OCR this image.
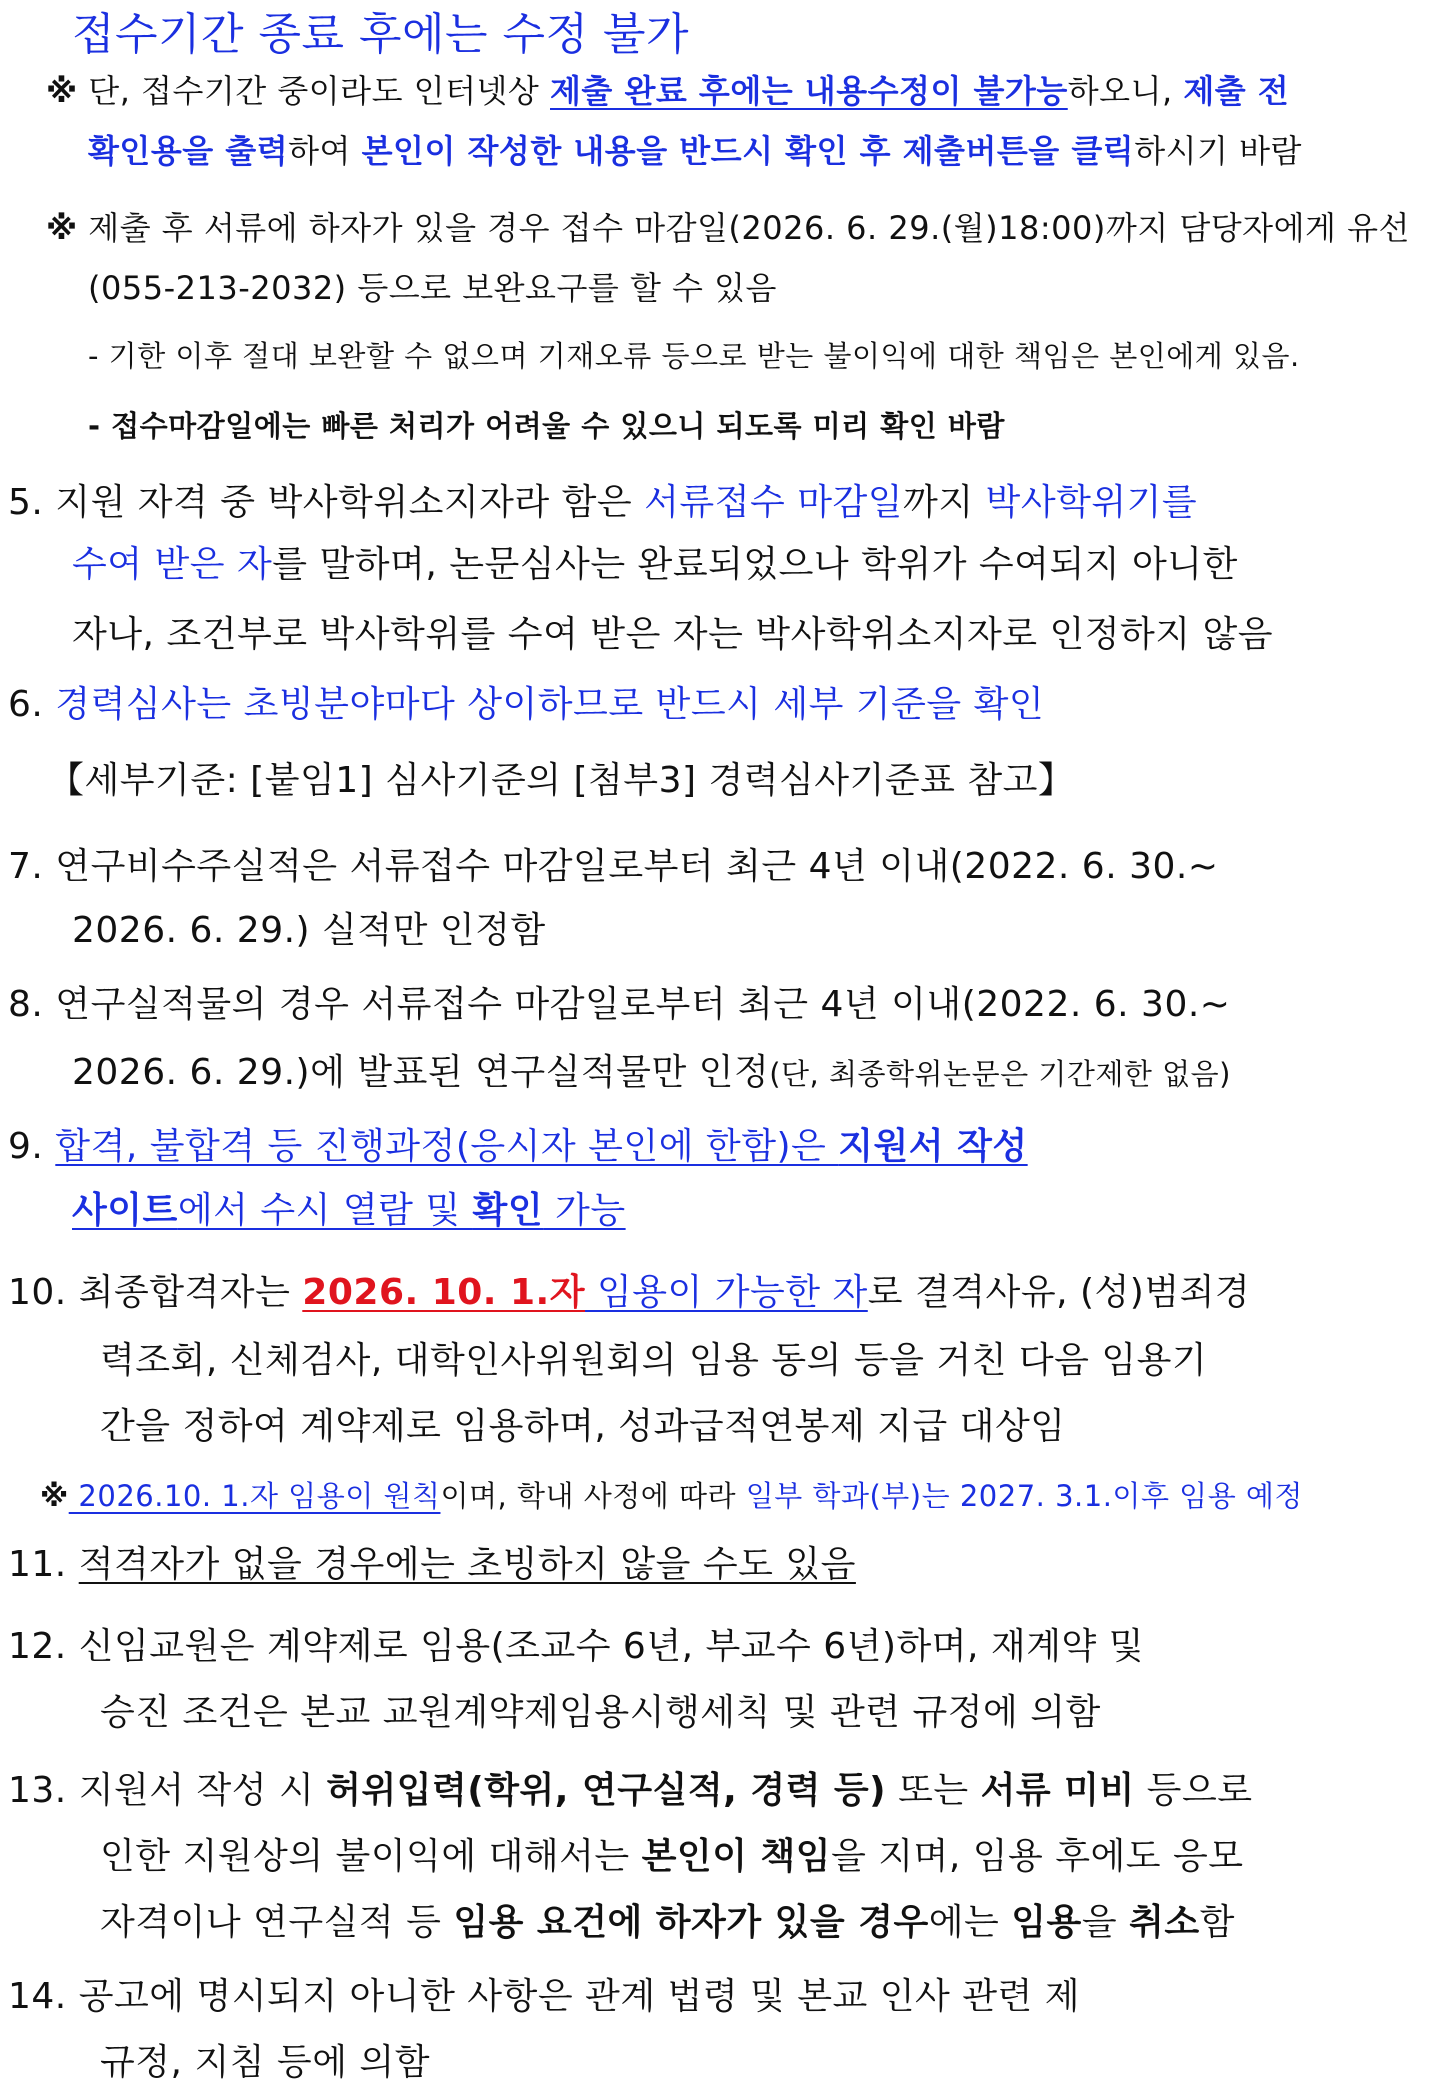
접수기간 종료 후에는 수정 불가
※ 단, 접수기간 중이라도 인터넷상 제출 완료 후에는 내용수정이 불가능하오니, 제출 전
확인용을 출력하여 본인이 작성한 내용을 반드시 확인 후 제출버튼을 클릭하시기 바람
※ 제출 후 서류에 하자가 있을 경우 접수 마감일(2026. 6. 29.(월)18:00)까지 담당자에게 유선
(055-213-2032) 등으로 보완요구를 할 수 있음
- 기한 이후 절대 보완할 수 없으며 기재오류 등으로 받는 불이익에 대한 책임은 본인에게 있음.
- 접수마감일에는 빠른 처리가 어려울 수 있으니 되도록 미리 확인 바람
5. 지원 자격 중 박사학위소지자라 함은 서류접수 마감일까지 박사학위기를
수여 받은 자를 말하며, 논문심사는 완료되었으나 학위가 수여되지 아니한
자나, 조건부로 박사학위를 수여 받은 자는 박사학위소지자로 인정하지 않음
6. 경력심사는 초빙분야마다 상이하므로 반드시 세부 기준을 확인
【세부기준: [붙임1] 심사기준의 [첨부3] 경력심사기준표 참고】
7. 연구비수주실적은 서류접수 마감일로부터 최근 4년 이내(2022. 6. 30.~
2026. 6. 29.) 실적만 인정함
8. 연구실적물의 경우 서류접수 마감일로부터 최근 4년 이내(2022. 6. 30.~
2026. 6. 29.)에 발표된 연구실적물만 인정(단, 최종학위논문은 기간제한 없음)
9. 합격, 불합격 등 진행과정(응시자 본인에 한함)은 지원서 작성
사이트에서 수시 열람 및 확인 가능
10. 최종합격자는 2026. 10. 1.자 임용이 가능한 자로 결격사유, (성)범죄경
력조회, 신체검사, 대학인사위원회의 임용 동의 등을 거친 다음 임용기
간을 정하여 계약제로 임용하며, 성과급적연봉제 지급 대상임
※ 2026.10. 1.자 임용이 원칙이며, 학내 사정에 따라 일부 학과(부)는 2027. 3.1.이후 임용 예정
11. 적격자가 없을 경우에는 초빙하지 않을 수도 있음
12. 신임교원은 계약제로 임용(조교수 6년, 부교수 6년)하며, 재계약 및
승진 조건은 본교 교원계약제임용시행세칙 및 관련 규정에 의함
13. 지원서 작성 시 허위입력(학위, 연구실적, 경력 등) 또는 서류 미비 등으로
인한 지원상의 불이익에 대해서는 본인이 책임을 지며, 임용 후에도 응모
자격이나 연구실적 등 임용 요건에 하자가 있을 경우에는 임용을 취소함
14. 공고에 명시되지 아니한 사항은 관계 법령 및 본교 인사 관련 제
규정, 지침 등에 의함
